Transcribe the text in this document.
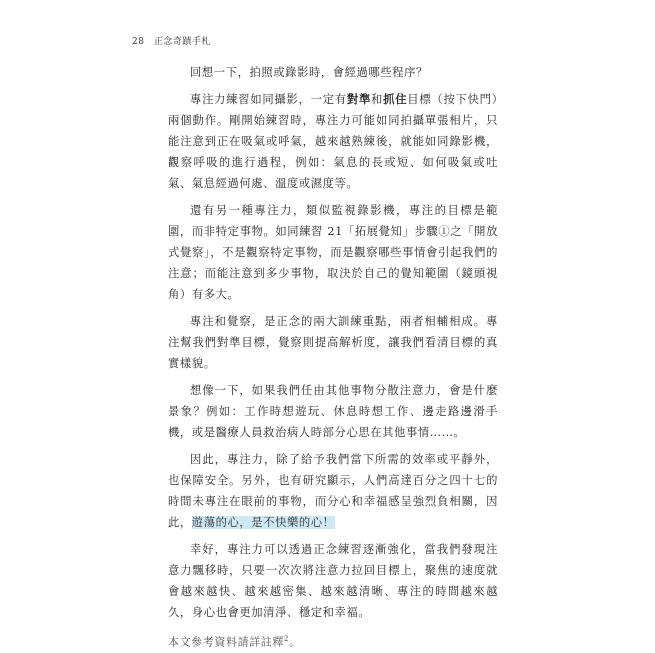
28 正念奇蹟手札

回想一下，拍照或錄影時，會經過哪些程序？

專注力練習如同攝影，一定有對準和抓住目標（按下快門）兩個動作。剛開始練習時，專注力可能如同拍攝單張相片，只能注意到正在吸氣或呼氣，越來越熟練後，就能如同錄影機，觀察呼吸的進行過程，例如：氣息的長或短、如何吸氣或吐氣、氣息經過何處、溫度或濕度等。

還有另一種專注力，類似監視錄影機，專注的目標是範圍，而非特定事物。如同練習 21「拓展覺知」步驟①之「開放式覺察」，不是觀察特定事物，而是觀察哪些事情會引起我們的注意；而能注意到多少事物，取決於自己的覺知範圍（鏡頭視角）有多大。

專注和覺察，是正念的兩大訓練重點，兩者相輔相成。專注幫我們對準目標，覺察則提高解析度，讓我們看清目標的真實樣貌。

想像一下，如果我們任由其他事物分散注意力，會是什麼景象？例如：工作時想遊玩、休息時想工作、邊走路邊滑手機，或是醫療人員救治病人時部分心思在其他事情……。

因此，專注力，除了給予我們當下所需的效率或平靜外，也保障安全。另外，也有研究顯示，人們高達百分之四十七的時間未專注在眼前的事物，而分心和幸福感呈強烈負相關，因此，遊蕩的心，是不快樂的心！

幸好，專注力可以透過正念練習逐漸強化，當我們發現注意力飄移時，只要一次次將注意力拉回目標上，聚焦的速度就會越來越快、越來越密集、越來越清晰、專注的時間越來越久，身心也會更加清淨、穩定和幸福。

本文參考資料請詳註釋$^2$。
